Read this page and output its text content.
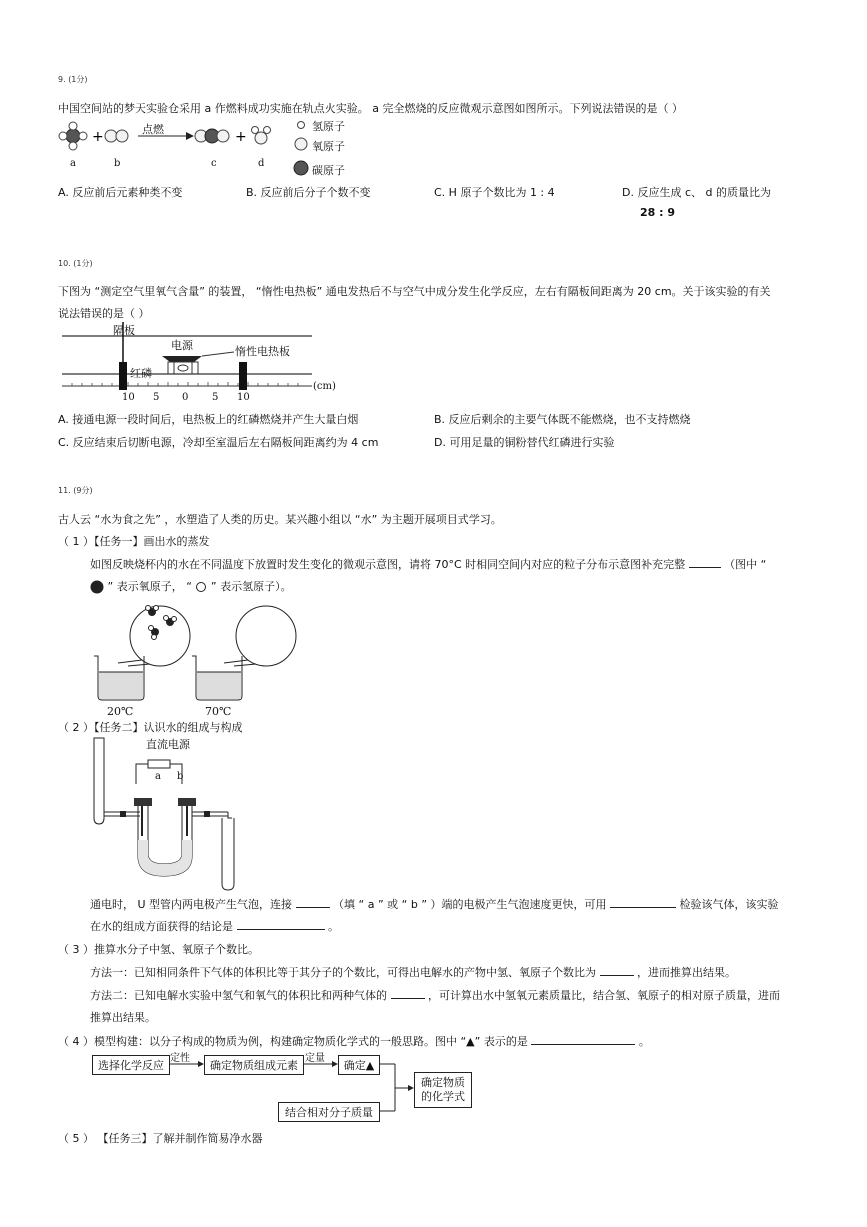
9. (1分)
中国空间站的梦天实验仓采用 a 作燃料成功实施在轨点火实验。 a 完全燃烧的反应微观示意图如图所示。下列说法错误的是（ ）
+	+
点燃
a	b	c	d
氢原子
氧原子
碳原子
A. 反应前后元素种类不变	B. 反应前后分子个数不变	C. H 原子个数比为 1 : 4	D. 反应生成 c、 d 的质量比为
28 : 9
10. (1分)
下图为 “测定空气里氧气含量” 的装置， “惰性电热板” 通电发热后不与空气中成分发生化学反应，左右有隔板间距离为 20 cm。关于该实验的有关
说法错误的是（ ）
隔板
电源	惰性电热板
红磷
(cm)
10 5 0 5 10
A. 接通电源一段时间后，电热板上的红磷燃烧并产生大量白烟	B. 反应后剩余的主要气体既不能燃烧，也不支持燃烧
C. 反应结束后切断电源，冷却至室温后左右隔板间距离约为 4 cm	D. 可用足量的铜粉替代红磷进行实验
11. (9分)
古人云 “水为食之先” ，水塑造了人类的历史。某兴趣小组以 “水” 为主题开展项目式学习。
（ 1 ）【任务一】画出水的蒸发
如图反映烧杯内的水在不同温度下放置时发生变化的微观示意图，请将 70°C 时相同空间内对应的粒子分布示意图补充完整	（图中 “
” 表示氧原子， “ ” 表示氢原子）。
20℃	70℃
（ 2 ）【任务二】认识水的组成与构成
直流电源
a b
通电时， U 型管内两电极产生气泡，连接	（填 “ a ” 或 “ b ” ）端的电极产生气泡速度更快，可用	检验该气体，该实验
在水的组成方面获得的结论是	。
（ 3 ）推算水分子中氢、氧原子个数比。
方法一：已知相同条件下气体的体积比等于其分子的个数比，可得出电解水的产物中氢、氧原子个数比为	，进而推算出结果。
方法二：已知电解水实验中氢气和氧气的体积比和两种气体的	，可计算出水中氢氧元素质量比，结合氢、氧原子的相对原子质量，进而
推算出结果。
（ 4 ）模型构建：以分子构成的物质为例，构建确定物质化学式的一般思路。图中 “▲” 表示的是	。
选择化学反应
定性
确定物质组成元素
定量
确定▲
结合相对分子质量
确定物质
的化学式
（ 5 ） 【任务三】了解并制作简易净水器
